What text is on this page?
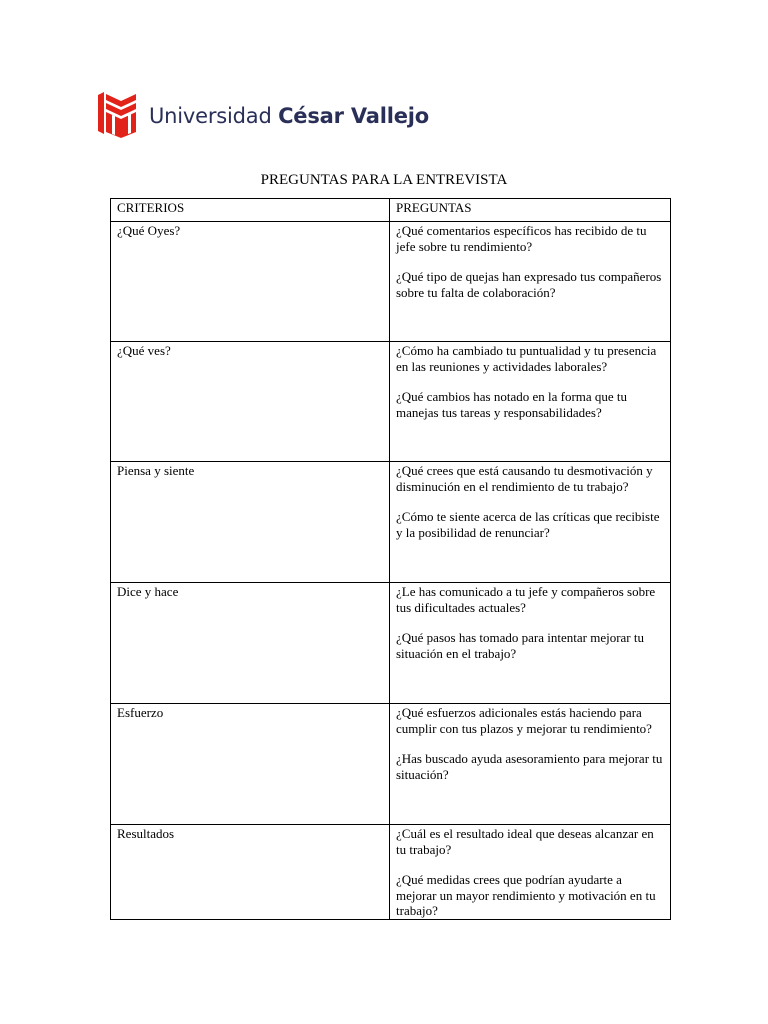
Universidad César Vallejo
PREGUNTAS PARA LA ENTREVISTA
CRITERIOS	PREGUNTAS
¿Qué Oyes?	¿Qué comentarios específicos has recibido de tu jefe sobre tu rendimiento?

¿Qué tipo de quejas han expresado tus compañeros sobre tu falta de colaboración?

¿Qué ves?	¿Cómo ha cambiado tu puntualidad y tu presencia en las reuniones y actividades laborales?

¿Qué cambios has notado en la forma que tu manejas tus tareas y responsabilidades?

Piensa y siente	¿Qué crees que está causando tu desmotivación y disminución en el rendimiento de tu trabajo?

¿Cómo te siente acerca de las críticas que recibiste y la posibilidad de renunciar?

Dice y hace	¿Le has comunicado a tu jefe y compañeros sobre tus dificultades actuales?

¿Qué pasos has tomado para intentar mejorar tu situación en el trabajo?

Esfuerzo	¿Qué esfuerzos adicionales estás haciendo para cumplir con tus plazos y mejorar tu rendimiento?

¿Has buscado ayuda asesoramiento para mejorar tu situación?

Resultados	¿Cuál es el resultado ideal que deseas alcanzar en tu trabajo?

¿Qué medidas crees que podrían ayudarte a mejorar un mayor rendimiento y motivación en tu trabajo?
